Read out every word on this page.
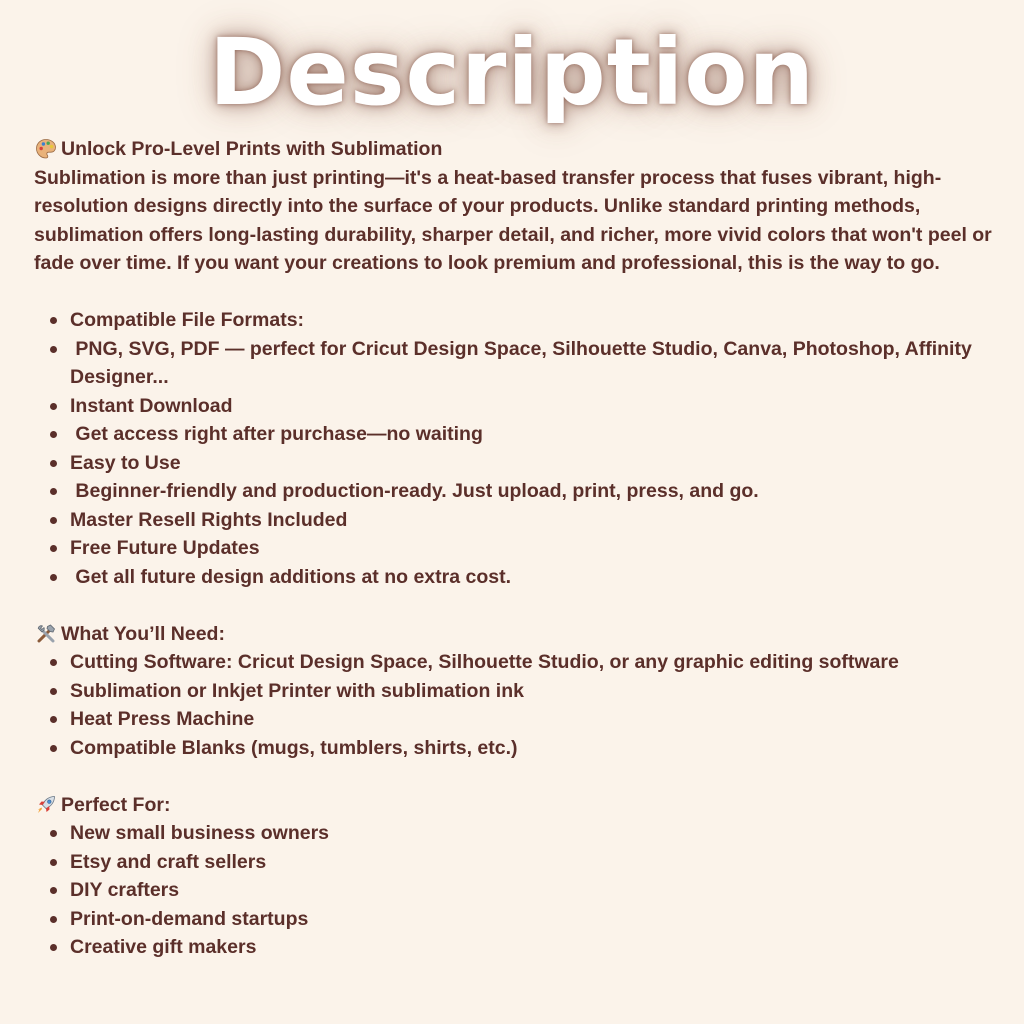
Description
Unlock Pro-Level Prints with Sublimation

Sublimation is more than just printing—it's a heat-based transfer process that fuses vibrant, high-resolution designs directly into the surface of your products. Unlike standard printing methods, sublimation offers long-lasting durability, sharper detail, and richer, more vivid colors that won't peel or fade over time. If you want your creations to look premium and professional, this is the way to go.

Compatible File Formats:
PNG, SVG, PDF — perfect for Cricut Design Space, Silhouette Studio, Canva, Photoshop, Affinity Designer...
Instant Download
Get access right after purchase—no waiting
Easy to Use
Beginner-friendly and production-ready. Just upload, print, press, and go.
Master Resell Rights Included
Free Future Updates
Get all future design additions at no extra cost.
What You’ll Need:
Cutting Software: Cricut Design Space, Silhouette Studio, or any graphic editing software
Sublimation or Inkjet Printer with sublimation ink
Heat Press Machine
Compatible Blanks (mugs, tumblers, shirts, etc.)
Perfect For:
New small business owners
Etsy and craft sellers
DIY crafters
Print-on-demand startups
Creative gift makers
